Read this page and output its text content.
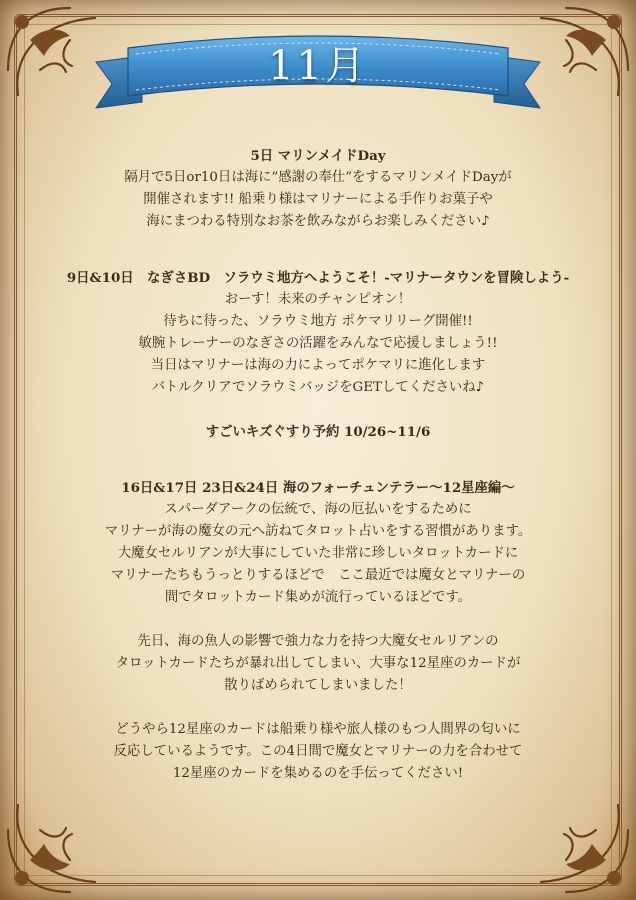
11月
5日 マリンメイドDay
隔月で5日or10日は海に”感謝の奉仕”をするマリンメイドDayが
開催されます!! 船乗り様はマリナーによる手作りお菓子や
海にまつわる特別なお茶を飲みながらお楽しみください♪
9日&10日　なぎさBD　ソラウミ地方へようこそ！-マリナータウンを冒険しよう-
おーす！未来のチャンピオン！
待ちに待った、ソラウミ地方 ポケマリリーグ開催!!
敏腕トレーナーのなぎさの活躍をみんなで応援しましょう!!
当日はマリナーは海の力によってポケマリに進化します
バトルクリアでソラウミバッジをGETしてくださいね♪
すごいキズぐすり予約 10/26~11/6
16日&17日 23日&24日 海のフォーチュンテラー〜12星座編〜
スパーダアークの伝統で、海の厄払いをするために
マリナーが海の魔女の元へ訪ねてタロット占いをする習慣があります。
大魔女セルリアンが大事にしていた非常に珍しいタロットカードに
マリナーたちもうっとりするほどで　ここ最近では魔女とマリナーの
間でタロットカード集めが流行っているほどです。
先日、海の魚人の影響で強力な力を持つ大魔女セルリアンの
タロットカードたちが暴れ出してしまい、大事な12星座のカードが
散りばめられてしまいました！
どうやら12星座のカードは船乗り様や旅人様のもつ人間界の匂いに
反応しているようです。この4日間で魔女とマリナーの力を合わせて
12星座のカードを集めるのを手伝ってください!
